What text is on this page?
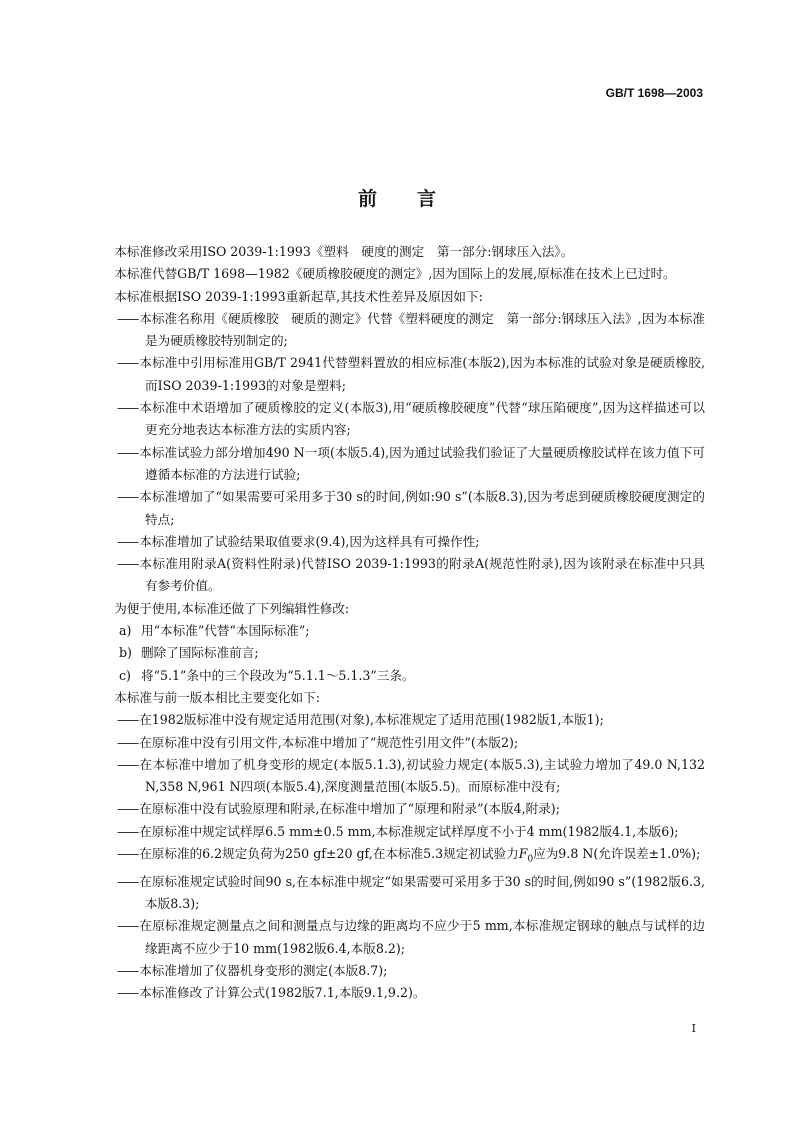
GB/T 1698—2003
前 言

本标准修改采用ISO 2039-1:1993《塑料　硬度的测定　第一部分:钢球压入法》。

本标准代替GB/T 1698—1982《硬质橡胶硬度的测定》,因为国际上的发展,原标准在技术上已过时。

本标准根据ISO 2039-1:1993重新起草,其技术性差异及原因如下:

—— 本标准名称用《硬质橡胶　硬质的测定》代替《塑料硬度的测定　第一部分:钢球压入法》,因为本标准是为硬质橡胶特别制定的;

—— 本标准中引用标准用GB/T 2941代替塑料置放的相应标准(本版2),因为本标准的试验对象是硬质橡胶,而ISO 2039-1:1993的对象是塑料;

—— 本标准中术语增加了硬质橡胶的定义(本版3),用“硬质橡胶硬度”代替“球压陷硬度”,因为这样描述可以更充分地表达本标准方法的实质内容;

—— 本标准试验力部分增加490 N一项(本版5.4),因为通过试验我们验证了大量硬质橡胶试样在该力值下可遵循本标准的方法进行试验;

—— 本标准增加了“如果需要可采用多于30 s的时间,例如:90 s”(本版8.3),因为考虑到硬质橡胶硬度测定的特点;

—— 本标准增加了试验结果取值要求(9.4),因为这样具有可操作性;

—— 本标准用附录A(资料性附录)代替ISO 2039-1:1993的附录A(规范性附录),因为该附录在标准中只具有参考价值。

为便于使用,本标准还做了下列编辑性修改:

a) 用“本标准”代替“本国际标准”;

b) 删除了国际标准前言;

c) 将“5.1”条中的三个段改为“5.1.1～5.1.3”三条。

本标准与前一版本相比主要变化如下:

—— 在1982版标准中没有规定适用范围(对象),本标准规定了适用范围(1982版1,本版1);

—— 在原标准中没有引用文件,本标准中增加了“规范性引用文件”(本版2);

—— 在本标准中增加了机身变形的规定(本版5.1.3),初试验力规定(本版5.3),主试验力增加了49.0 N,132 N,358 N,961 N四项(本版5.4),深度测量范围(本版5.5)。而原标准中没有;

—— 在原标准中没有试验原理和附录,在标准中增加了“原理和附录”(本版4,附录);

—— 在原标准中规定试样厚6.5 mm±0.5 mm,本标准规定试样厚度不小于4 mm(1982版4.1,本版6);

—— 在原标准的6.2规定负荷为250 gf±20 gf,在本标准5.3规定初试验力$F_0$应为9.8 N(允许误差±1.0%);

—— 在原标准规定试验时间90 s,在本标准中规定“如果需要可采用多于30 s的时间,例如90 s”(1982版6.3,本版8.3);

—— 在原标准规定测量点之间和测量点与边缘的距离均不应少于5 mm,本标准规定钢球的触点与试样的边缘距离不应少于10 mm(1982版6.4,本版8.2);

—— 本标准增加了仪器机身变形的测定(本版8.7);

—— 本标准修改了计算公式(1982版7.1,本版9.1,9.2)。

I
